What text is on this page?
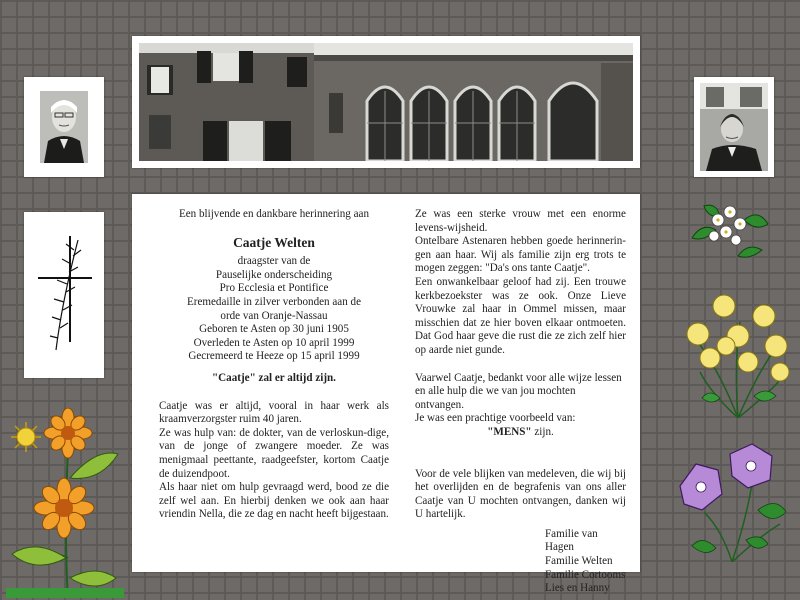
Een blijvende en dankbare herinnering aan
Caatje Welten
draagster van de
Pauselijke onderscheiding
Pro Ecclesia et Pontifice
Eremedaille in zilver verbonden aan de
orde van Oranje-Nassau
Geboren te Asten op 30 juni 1905
Overleden te Asten op 10 april 1999
Gecremeerd te Heeze op 15 april 1999
"Caatje" zal er altijd zijn.
Caatje was er altijd, vooral in haar werk als kraamverzorgster ruim 40 jaren.
Ze was hulp van: de dokter, van de verloskun-dige, van de jonge of zwangere moeder. Ze was menigmaal peettante, raadgeefster, kortom Caatje de duizendpoot.
Als haar niet om hulp gevraagd werd, bood ze die zelf wel aan. En hierbij denken we ook aan haar vriendin Nella, die ze dag en nacht heeft bijgestaan.
Ze was een sterke vrouw met een enorme levens-wijsheid.
Ontelbare Astenaren hebben goede herinnerin-gen aan haar. Wij als familie zijn erg trots te mogen zeggen: "Da's ons tante Caatje".
Een onwankelbaar geloof had zij. Een trouwe kerkbezoekster was ze ook. Onze Lieve Vrouwke zal haar in Ommel missen, maar misschien dat ze hier boven elkaar ontmoeten. Dat God haar geve die rust die ze zich zelf hier op aarde niet gunde.
Vaarwel Caatje, bedankt voor alle wijze lessen en alle hulp die we van jou mochten ontvangen.
Je was een prachtige voorbeeld van:
"MENS" zijn.
Voor de vele blijken van medeleven, die wij bij het overlijden en de begrafenis van ons aller Caatje van U mochten ontvangen, danken wij U hartelijk.
Familie van Hagen
Familie Welten
Familie Cortooms
Lies en Hanny
